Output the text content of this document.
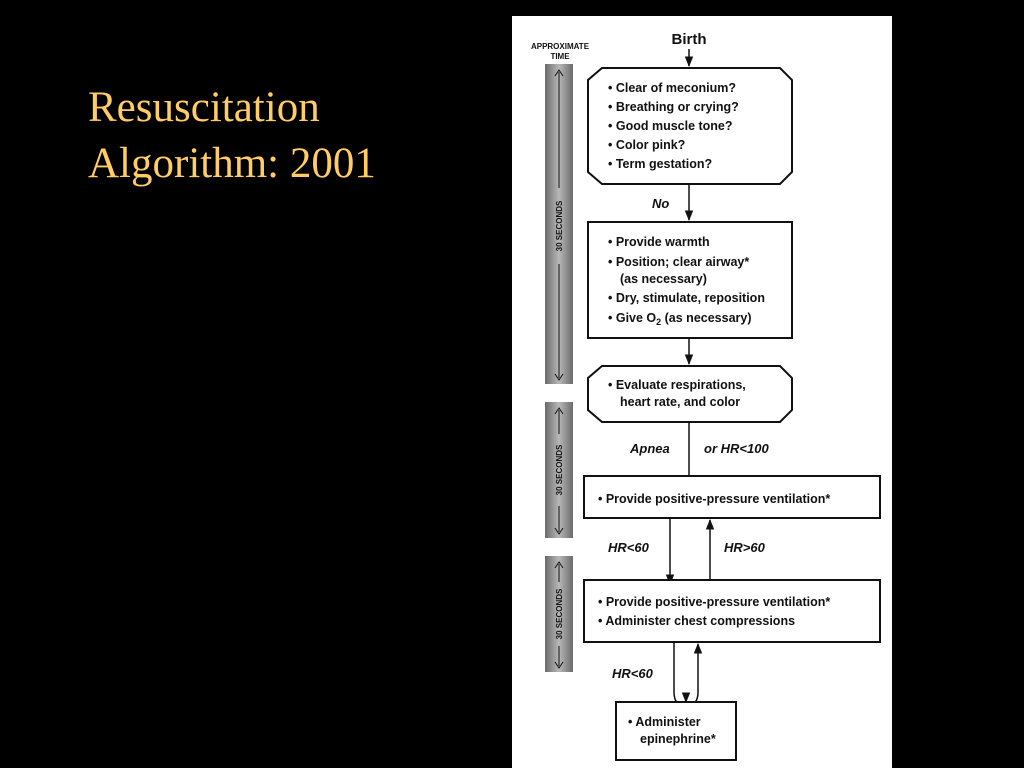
Resuscitation
Algorithm: 2001
APPROXIMATE
TIME
30 SECONDS
30 SECONDS
30 SECONDS
Birth
• Clear of meconium?
• Breathing or crying?
• Good muscle tone?
• Color pink?
• Term gestation?
No
• Provide warmth
• Position; clear airway*
(as necessary)
• Dry, stimulate, reposition
• Give $O_2$ (as necessary)
• Evaluate respirations,
heart rate, and color
Apnea	or HR<100
• Provide positive-pressure ventilation*
HR<60	HR>60
• Provide positive-pressure ventilation*
• Administer chest compressions
HR<60
• Administer
epinephrine*
